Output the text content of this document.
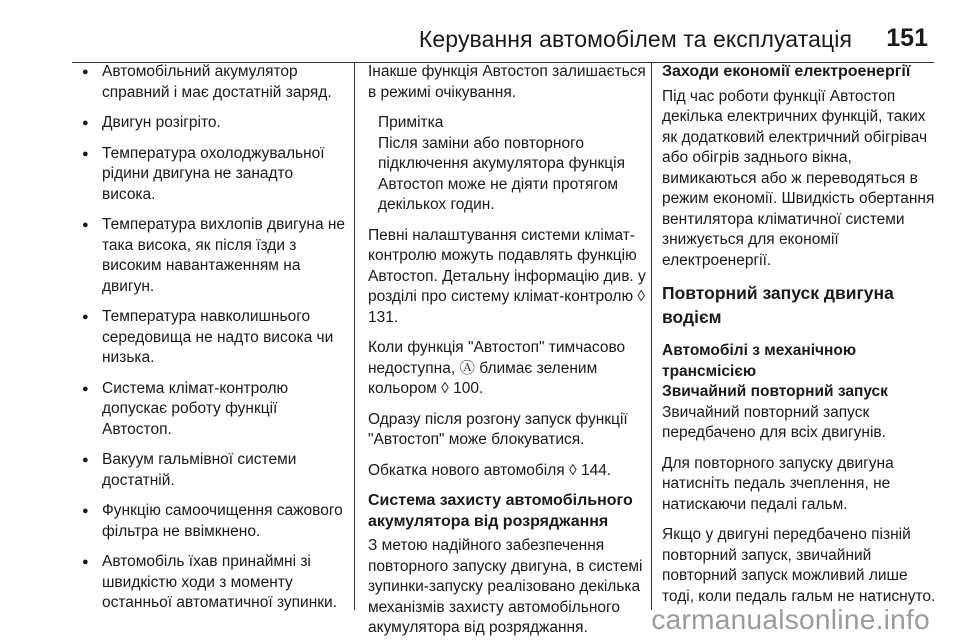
Керування автомобілем та експлуатація 151
● Автомобільний акумулятор справний і має достатній заряд.
● Двигун розігріто.
● Температура охолоджувальної рідини двигуна не занадто висока.
● Температура вихлопів двигуна не така висока, як після їзди з високим навантаженням на двигун.
● Температура навколишнього середовища не надто висока чи низька.
● Система клімат-контролю допускає роботу функції Автостоп.
● Вакуум гальмівної системи достатній.
● Функцію самоочищення сажового фільтра не ввімкнено.
● Автомобіль їхав принаймні зі швидкістю ходи з моменту останньої автоматичної зупинки.

Інакше функція Автостоп залишається в режимі очікування.

Примітка
Після заміни або повторного підключення акумулятора функція Автостоп може не діяти протягом декількох годин.

Певні налаштування системи клімат-контролю можуть подавлять функцію Автостоп. Детальну інформацію див. у розділі про систему клімат-контролю ◊ 131.

Коли функція "Автостоп" тимчасово недоступна, Ⓐ блимає зеленим кольором ◊ 100.

Одразу після розгону запуск функції "Автостоп" може блокуватися.

Обкатка нового автомобіля ◊ 144.

Система захисту автомобільного акумулятора від розряджання

З метою надійного забезпечення повторного запуску двигуна, в системі зупинки-запуску реалізовано декілька механізмів захисту автомобільного акумулятора від розряджання.

Заходи економії електроенергії

Під час роботи функції Автостоп декілька електричних функцій, таких як додатковий електричний обігрівач або обігрів заднього вікна, вимикаються або ж переводяться в режим економії. Швидкість обертання вентилятора кліматичної системи знижується для економії електроенергії.

Повторний запуск двигуна водієм
Автомобілі з механічною трансмісією
Звичайний повторний запуск

Звичайний повторний запуск передбачено для всіх двигунів.

Для повторного запуску двигуна натисніть педаль зчеплення, не натискаючи педалі гальм.

Якщо у двигуні передбачено пізній повторний запуск, звичайний повторний запуск можливий лише тоді, коли педаль гальм не натиснуто.

carmanualsonline.info
